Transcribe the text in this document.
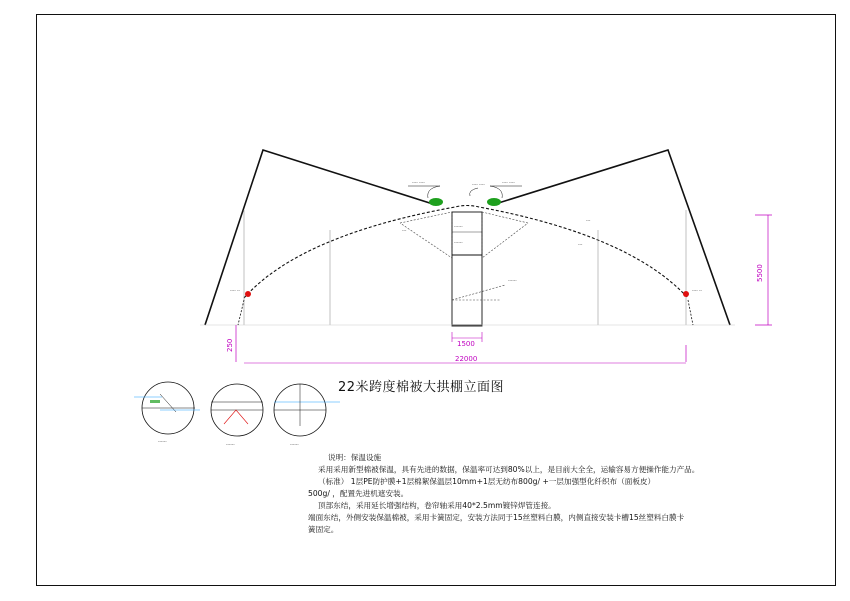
---- ----	---- ----
---- ----
---- --	---- --
---
---
---
------
------
------	5500
250	1500
22000
------
------	------
22米跨度棉被大拱棚立面图
说明：保温设施
采用采用新型棉被保温，具有先进的数据，保温率可达到80%以上，是目前大全全，运输容易方便操作能力产品。
（标准） 1层PE防护膜+1层棉絮保温层10mm+1层无纺布800g/ +一层加强型化纤织布（面板皮）
500g/ ，配置先进机遮安装。
顶部东结，采用延长增强结构，卷帘轴采用40*2.5mm镀锌焊管连接。
端面东结，外侧安装保温棉被，采用卡簧固定，安装方法同于15丝塑料白膜，内侧直接安装卡槽15丝塑料白膜卡
簧固定。
